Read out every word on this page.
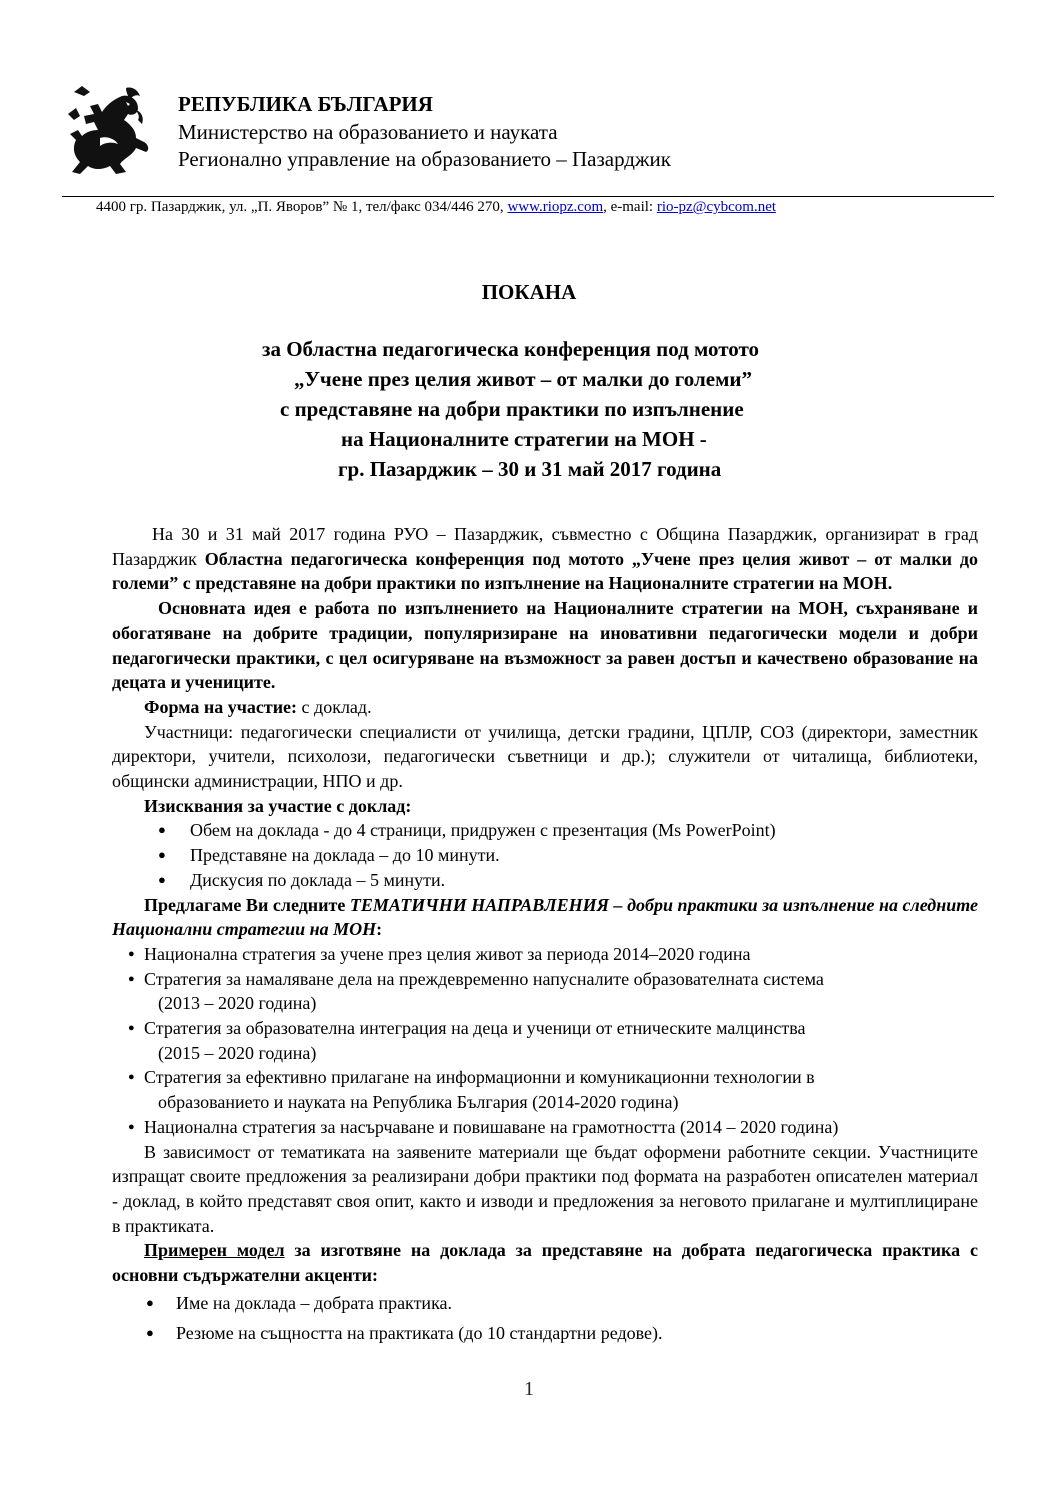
РЕПУБЛИКА БЪЛГАРИЯ
Министерство на образованието и науката
Регионално управление на образованието – Пазарджик
4400 гр. Пазарджик, ул. „П. Яворов” № 1, тел/факс 034/446 270, www.riopz.com, e-mail: rio-pz@cybcom.net
ПОКАНА
за Областна педагогическа конференция под мотото
„Учене през целия живот – от малки до големи”
с представяне на добри практики по изпълнение
на Националните стратегии на МОН -
гр. Пазарджик – 30 и 31 май 2017 година

На 30 и 31 май 2017 година РУО – Пазарджик, съвместно с Община Пазарджик, организират в град Пазарджик Областна педагогическа конференция под мотото „Учене през целия живот – от малки до големи” с представяне на добри практики по изпълнение на Националните стратегии на МОН.

Основната идея е работа по изпълнението на Националните стратегии на МОН, съхраняване и обогатяване на добрите традиции, популяризиране на иновативни педагогически модели и добри педагогически практики, с цел осигуряване на възможност за равен достъп и качествено образование на децата и учениците.

Форма на участие: с доклад.

Участници: педагогически специалисти от училища, детски градини, ЦПЛР, СОЗ (директори, заместник директори, учители, психолози, педагогически съветници и др.); служители от читалища, библиотеки, общински администрации, НПО и др.

Изисквания за участие с доклад:

● Обем на доклада - до 4 страници, придружен с презентация (Ms PowerPoint)
● Представяне на доклада – до 10 минути.
● Дискусия по доклада – 5 минути.

Предлагаме Ви следните ТЕМАТИЧНИ НАПРАВЛЕНИЯ – добри практики за изпълнение на следните Национални стратегии на МОН:

● Национална стратегия за учене през целия живот за периода 2014–2020 година
● Стратегия за намаляване дела на преждевременно напусналите образователната система
(2013 – 2020 година)
● Стратегия за образователна интеграция на деца и ученици от етническите малцинства
(2015 – 2020 година)
● Стратегия за ефективно прилагане на информационни и комуникационни технологии в
образованието и науката на Република България (2014-2020 година)
● Национална стратегия за насърчаване и повишаване на грамотността (2014 – 2020 година)

В зависимост от тематиката на заявените материали ще бъдат оформени работните секции. Участниците изпращат своите предложения за реализирани добри практики под формата на разработен описателен материал - доклад, в който представят своя опит, както и изводи и предложения за неговото прилагане и мултиплициране в практиката.

Примерен модел за изготвяне на доклада за представяне на добрата педагогическа практика с основни съдържателни акценти:

● Име на доклада – добрата практика.
● Резюме на същността на практиката (до 10 стандартни редове).
1
